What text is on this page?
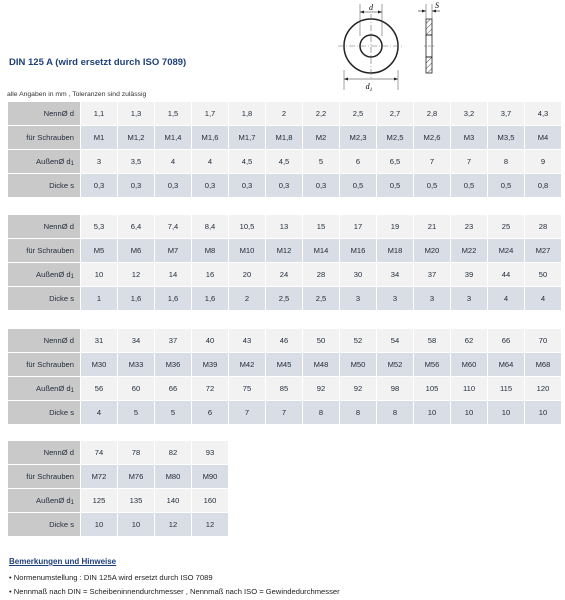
d
$d_1$
S
DIN 125 A (wird ersetzt durch ISO 7089)
alle Angaben in mm , Toleranzen sind zulässig
NennØ d	1,1	1,3	1,5	1,7	1,8	2	2,2	2,5	2,7	2,8	3,2	3,7	4,3
für Schrauben	M1	M1,2	M1,4	M1,6	M1,7	M1,8	M2	M2,3	M2,5	M2,6	M3	M3,5	M4
AußenØ $d_1$	3	3,5	4	4	4,5	4,5	5	6	6,5	7	7	8	9
Dicke s	0,3	0,3	0,3	0,3	0,3	0,3	0,3	0,5	0,5	0,5	0,5	0,5	0,8
NennØ d	5,3	6,4	7,4	8,4	10,5	13	15	17	19	21	23	25	28
für Schrauben	M5	M6	M7	M8	M10	M12	M14	M16	M18	M20	M22	M24	M27
AußenØ $d_1$	10	12	14	16	20	24	28	30	34	37	39	44	50
Dicke s	1	1,6	1,6	1,6	2	2,5	2,5	3	3	3	3	4	4
NennØ d	31	34	37	40	43	46	50	52	54	58	62	66	70
für Schrauben	M30	M33	M36	M39	M42	M45	M48	M50	M52	M56	M60	M64	M68
AußenØ $d_1$	56	60	66	72	75	85	92	92	98	105	110	115	120
Dicke s	4	5	5	6	7	7	8	8	8	10	10	10	10
NennØ d	74	78	82	93
für Schrauben	M72	M76	M80	M90
AußenØ $d_1$	125	135	140	160
Dicke s	10	10	12	12
Bemerkungen und Hinweise
• Normenumstellung : DIN 125A wird ersetzt durch ISO 7089
• Nennmaß nach DIN = Scheibeninnendurchmesser , Nennmaß nach ISO = Gewindedurchmesser
